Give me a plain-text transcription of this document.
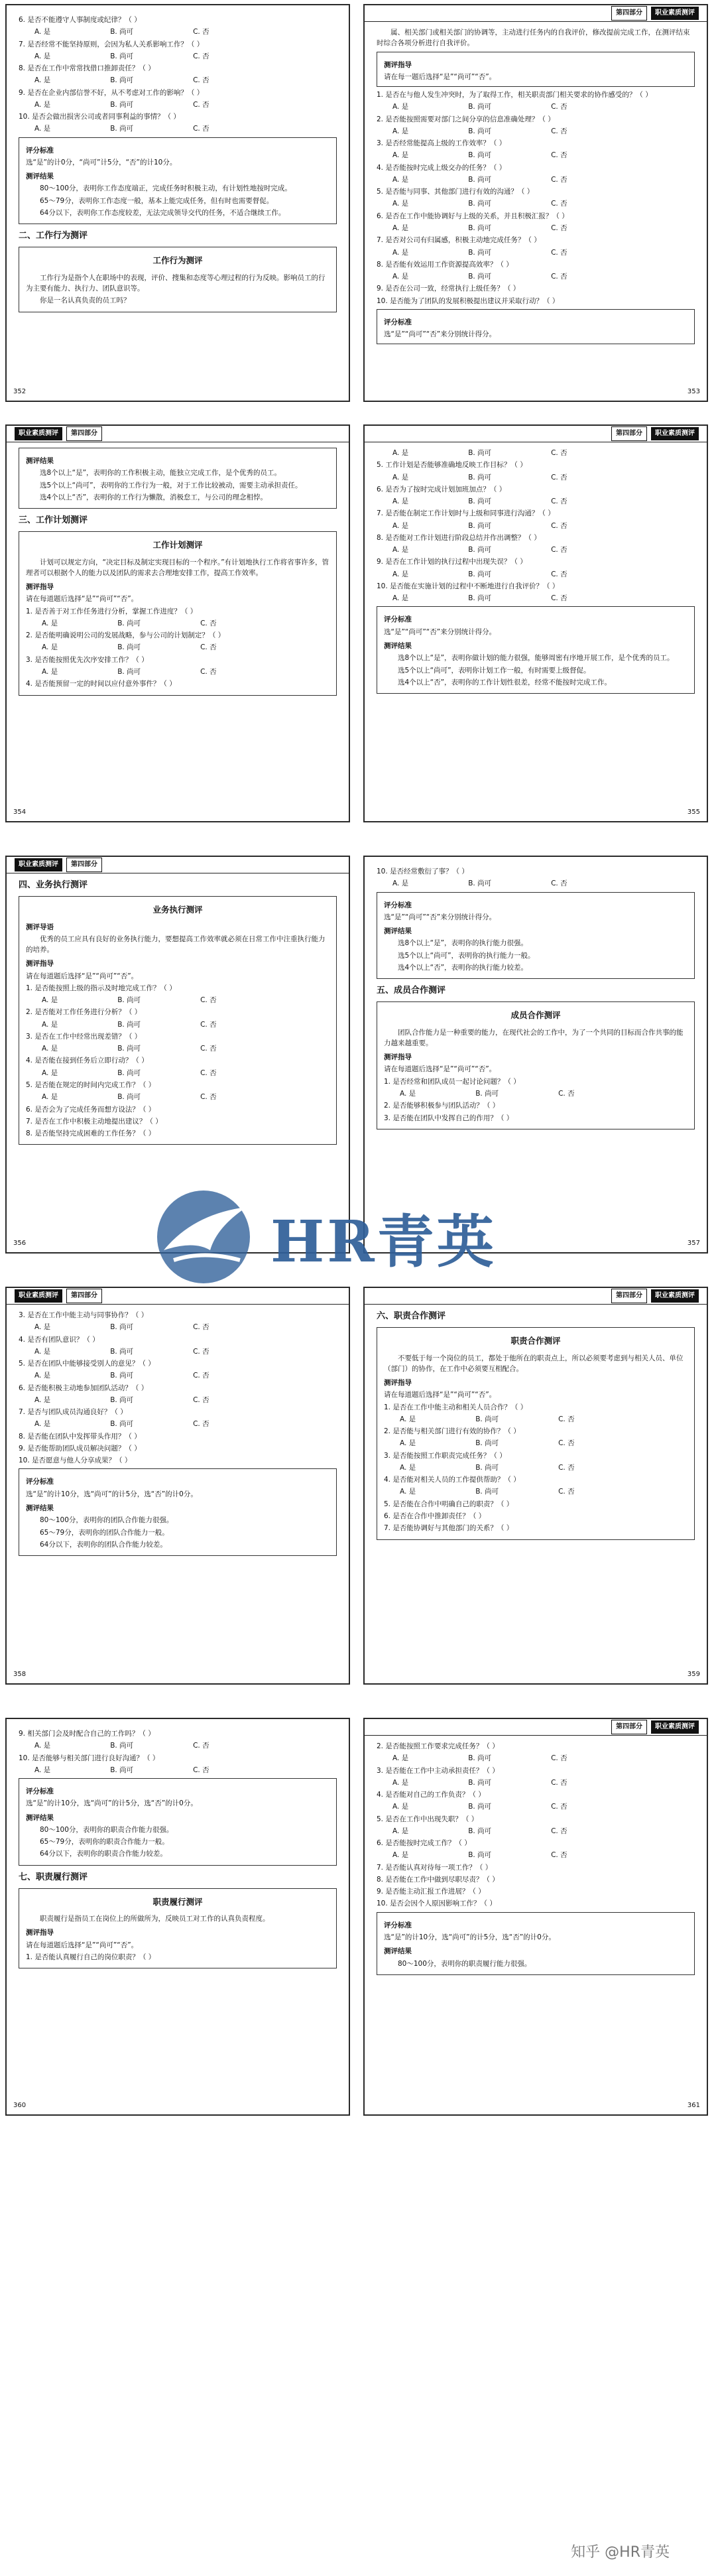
6. 是否不能遵守人事制度或纪律？（ ）
A. 是	B. 尚可	C. 否
7. 是否经常不能坚持原则，会因为私人关系影响工作？（ ）
A. 是	B. 尚可	C. 否
8. 是否在工作中常常找借口推卸责任？（ ）
A. 是	B. 尚可	C. 否
9. 是否在企业内部信誉不好，从不考虑对工作的影响？（ ）
A. 是	B. 尚可	C. 否
10. 是否会做出损害公司或者同事利益的事情？（ ）
A. 是	B. 尚可	C. 否
评分标准
选“是”的计0分，“尚可”计5分，“否”的计10分。
测评结果
80～100分，表明你工作态度端正，完成任务时积极主动，有计划性地按时完成。
65～79分，表明你工作态度一般，基本上能完成任务，但有时也需要督促。
64分以下，表明你工作态度较差，无法完成领导交代的任务，不适合继续工作。
二、工作行为测评
工作行为测评
工作行为是指个人在职场中的表现，评价、搜集和态度等心理过程的行为反映。影响员工的行为主要有能力、执行力、团队意识等。
你是一名认真负责的员工吗？
352
第四部分	职业素质测评
属、相关部门或相关部门的协调等，主动进行任务内的自我评价，修改提前完成工作，在测评结束时综合各项分析进行自我评价。
测评指导
请在每一题后选择“是”“尚可”“否”。
1. 是否在与他人发生冲突时，为了取得工作，相关职责部门相关要求的协作感受的？（ ）
A. 是	B. 尚可	C. 否
2. 是否能按照需要对部门之间分享的信息准确处理？（ ）
A. 是	B. 尚可	C. 否
3. 是否经常能提高上级的工作效率？（ ）
A. 是	B. 尚可	C. 否
4. 是否能按时完成上级交办的任务？（ ）
A. 是	B. 尚可	C. 否
5. 是否能与同事、其他部门进行有效的沟通？（ ）
A. 是	B. 尚可	C. 否
6. 是否在工作中能协调好与上级的关系，并且积极汇报？（ ）
A. 是	B. 尚可	C. 否
7. 是否对公司有归属感，积极主动地完成任务？（ ）
A. 是	B. 尚可	C. 否
8. 是否能有效运用工作资源提高效率？（ ）
A. 是	B. 尚可	C. 否
9. 是否在公司一致，经常执行上级任务？（ ）
10. 是否能为了团队的发展积极提出建议并采取行动？（ ）
评分标准
选“是”“尚可”“否”来分别统计得分。
353
职业素质测评	第四部分
测评结果
选8个以上“是”，表明你的工作积极主动，能独立完成工作，是个优秀的员工。
选5个以上“尚可”，表明你的工作行为一般，对于工作比较被动，需要主动承担责任。
选4个以上“否”，表明你的工作行为懒散，消极怠工，与公司的理念相悖。
三、工作计划测评
工作计划测评
计划可以规定方向，“决定目标及制定实现目标的一个程序。”有计划地执行工作将省事许多，管理者可以根据个人的能力以及团队的需求去合理地安排工作，提高工作效率。
测评指导
请在每道题后选择“是”“尚可”“否”。
1. 是否善于对工作任务进行分析，掌握工作进度？（ ）
A. 是	B. 尚可	C. 否
2. 是否能明确说明公司的发展战略，参与公司的计划制定？（ ）
A. 是	B. 尚可	C. 否
3. 是否能按照优先次序安排工作？（ ）
A. 是	B. 尚可	C. 否
4. 是否能预留一定的时间以应付意外事件？（ ）
354
第四部分	职业素质测评
A. 是	B. 尚可	C. 否
5. 工作计划是否能够准确地反映工作目标？（ ）
A. 是	B. 尚可	C. 否
6. 是否为了按时完成计划加班加点？（ ）
A. 是	B. 尚可	C. 否
7. 是否能在制定工作计划时与上级和同事进行沟通？（ ）
A. 是	B. 尚可	C. 否
8. 是否能对工作计划进行阶段总结并作出调整？（ ）
A. 是	B. 尚可	C. 否
9. 是否在工作计划的执行过程中出现失误？（ ）
A. 是	B. 尚可	C. 否
10. 是否能在实施计划的过程中不断地进行自我评价？（ ）
A. 是	B. 尚可	C. 否
评分标准
选“是”“尚可”“否”来分别统计得分。
测评结果
选8个以上“是”，表明你做计划的能力很强，能够周密有序地开展工作，是个优秀的员工。
选5个以上“尚可”，表明你计划工作一般，有时需要上级督促。
选4个以上“否”，表明你的工作计划性很差，经常不能按时完成工作。
355
职业素质测评	第四部分
四、业务执行测评
业务执行测评
测评导语
优秀的员工应具有良好的业务执行能力，要想提高工作效率就必须在日常工作中注重执行能力的培养。
测评指导
请在每道题后选择“是”“尚可”“否”。
1. 是否能按照上级的指示及时地完成工作？（ ）
A. 是	B. 尚可	C. 否
2. 是否能对工作任务进行分析？（ ）
A. 是	B. 尚可	C. 否
3. 是否在工作中经常出现差错？（ ）
A. 是	B. 尚可	C. 否
4. 是否能在接到任务后立即行动？（ ）
A. 是	B. 尚可	C. 否
5. 是否能在规定的时间内完成工作？（ ）
A. 是	B. 尚可	C. 否
6. 是否会为了完成任务而想方设法？（ ）
7. 是否在工作中积极主动地提出建议？（ ）
8. 是否能坚持完成困难的工作任务？（ ）
356
10. 是否经常敷衍了事？（ ）
A. 是	B. 尚可	C. 否
评分标准
选“是”“尚可”“否”来分别统计得分。
测评结果
选8个以上“是”，表明你的执行能力很强。
选5个以上“尚可”，表明你的执行能力一般。
选4个以上“否”，表明你的执行能力较差。
五、成员合作测评
成员合作测评
团队合作能力是一种重要的能力，在现代社会的工作中，为了一个共同的目标而合作共事的能力越来越重要。
测评指导
请在每道题后选择“是”“尚可”“否”。
1. 是否经常和团队成员一起讨论问题？（ ）
A. 是	B. 尚可	C. 否
2. 是否能够积极参与团队活动？（ ）
3. 是否能在团队中发挥自己的作用？（ ）
357
职业素质测评	第四部分
3. 是否在工作中能主动与同事协作？（ ）
A. 是	B. 尚可	C. 否
4. 是否有团队意识？（ ）
A. 是	B. 尚可	C. 否
5. 是否在团队中能够接受别人的意见？（ ）
A. 是	B. 尚可	C. 否
6. 是否能积极主动地参加团队活动？（ ）
A. 是	B. 尚可	C. 否
7. 是否与团队成员沟通良好？（ ）
A. 是	B. 尚可	C. 否
8. 是否能在团队中发挥带头作用？（ ）
9. 是否能帮助团队成员解决问题？（ ）
10. 是否愿意与他人分享成果？（ ）
评分标准
选“是”的计10分，选“尚可”的计5分，选“否”的计0分。
测评结果
80～100分，表明你的团队合作能力很强。
65～79分，表明你的团队合作能力一般。
64分以下，表明你的团队合作能力较差。
358
第四部分	职业素质测评
六、职责合作测评
职责合作测评
不要低于每一个岗位的员工，都处于他所在的职责点上，所以必须要考虑到与相关人员、单位（部门）的协作，在工作中必须要互相配合。
测评指导
请在每道题后选择“是”“尚可”“否”。
1. 是否在工作中能主动和相关人员合作？（ ）
A. 是	B. 尚可	C. 否
2. 是否能与相关部门进行有效的协作？（ ）
A. 是	B. 尚可	C. 否
3. 是否能按照工作职责完成任务？（ ）
A. 是	B. 尚可	C. 否
4. 是否能对相关人员的工作提供帮助？（ ）
A. 是	B. 尚可	C. 否
5. 是否能在合作中明确自己的职责？（ ）
6. 是否在合作中推卸责任？（ ）
7. 是否能协调好与其他部门的关系？（ ）
359
9. 相关部门会及时配合自己的工作吗？（ ）
A. 是	B. 尚可	C. 否
10. 是否能够与相关部门进行良好沟通？（ ）
A. 是	B. 尚可	C. 否
评分标准
选“是”的计10分，选“尚可”的计5分，选“否”的计0分。
测评结果
80～100分，表明你的职责合作能力很强。
65～79分，表明你的职责合作能力一般。
64分以下，表明你的职责合作能力较差。
七、职责履行测评
职责履行测评
职责履行是指员工在岗位上的所做所为，反映员工对工作的认真负责程度。
测评指导
请在每道题后选择“是”“尚可”“否”。
1. 是否能认真履行自己的岗位职责？（ ）
360
第四部分	职业素质测评
2. 是否能按照工作要求完成任务？（ ）
A. 是	B. 尚可	C. 否
3. 是否能在工作中主动承担责任？（ ）
A. 是	B. 尚可	C. 否
4. 是否能对自己的工作负责？（ ）
A. 是	B. 尚可	C. 否
5. 是否在工作中出现失职？（ ）
A. 是	B. 尚可	C. 否
6. 是否能按时完成工作？（ ）
A. 是	B. 尚可	C. 否
7. 是否能认真对待每一项工作？（ ）
8. 是否能在工作中做到尽职尽责？（ ）
9. 是否能主动汇报工作进展？（ ）
10. 是否会因个人原因影响工作？（ ）
评分标准
选“是”的计10分，选“尚可”的计5分，选“否”的计0分。
测评结果
80～100分，表明你的职责履行能力很强。
361
HR青英
知乎 @HR青英
